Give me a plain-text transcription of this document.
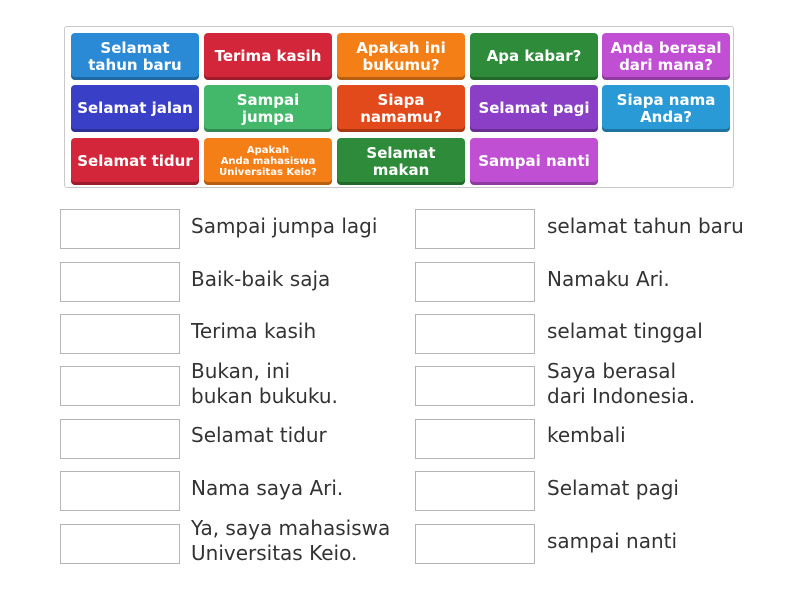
Selamat
tahun baru	Terima kasih	Apakah ini
bukumu?	Apa kabar?	Anda berasal
dari mana?
Selamat jalan	Sampai
jumpa
Siapa
namamu?	Selamat pagi	Siapa nama
Anda?
Selamat tidur
Apakah
Anda mahasiswa
Universitas Keio?
Selamat
makan	Sampai nanti
Sampai jumpa lagi
Baik-baik saja
Terima kasih
Bukan, ini
bukan bukuku.
Selamat tidur
Nama saya Ari.
Ya, saya mahasiswa
Universitas Keio.
selamat tahun baru
Namaku Ari.
selamat tinggal
Saya berasal
dari Indonesia.
kembali
Selamat pagi
sampai nanti
